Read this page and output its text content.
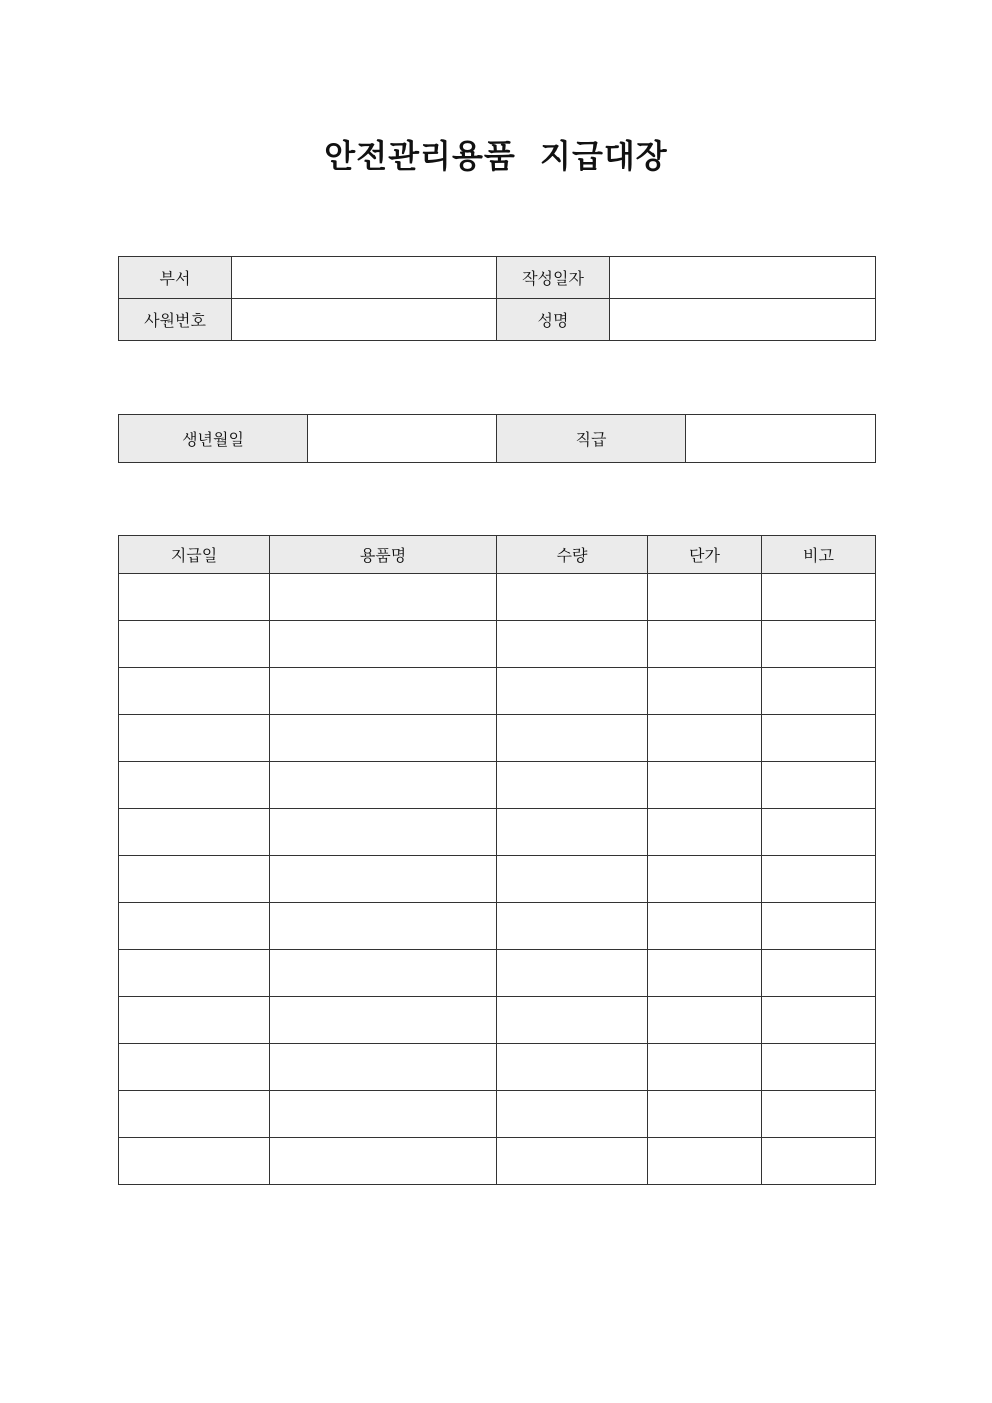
안전관리용품  지급대장
부서		작성일자	
사원번호		성명	
생년월일		직급	
지급일	용품명	수량	단가	비고
